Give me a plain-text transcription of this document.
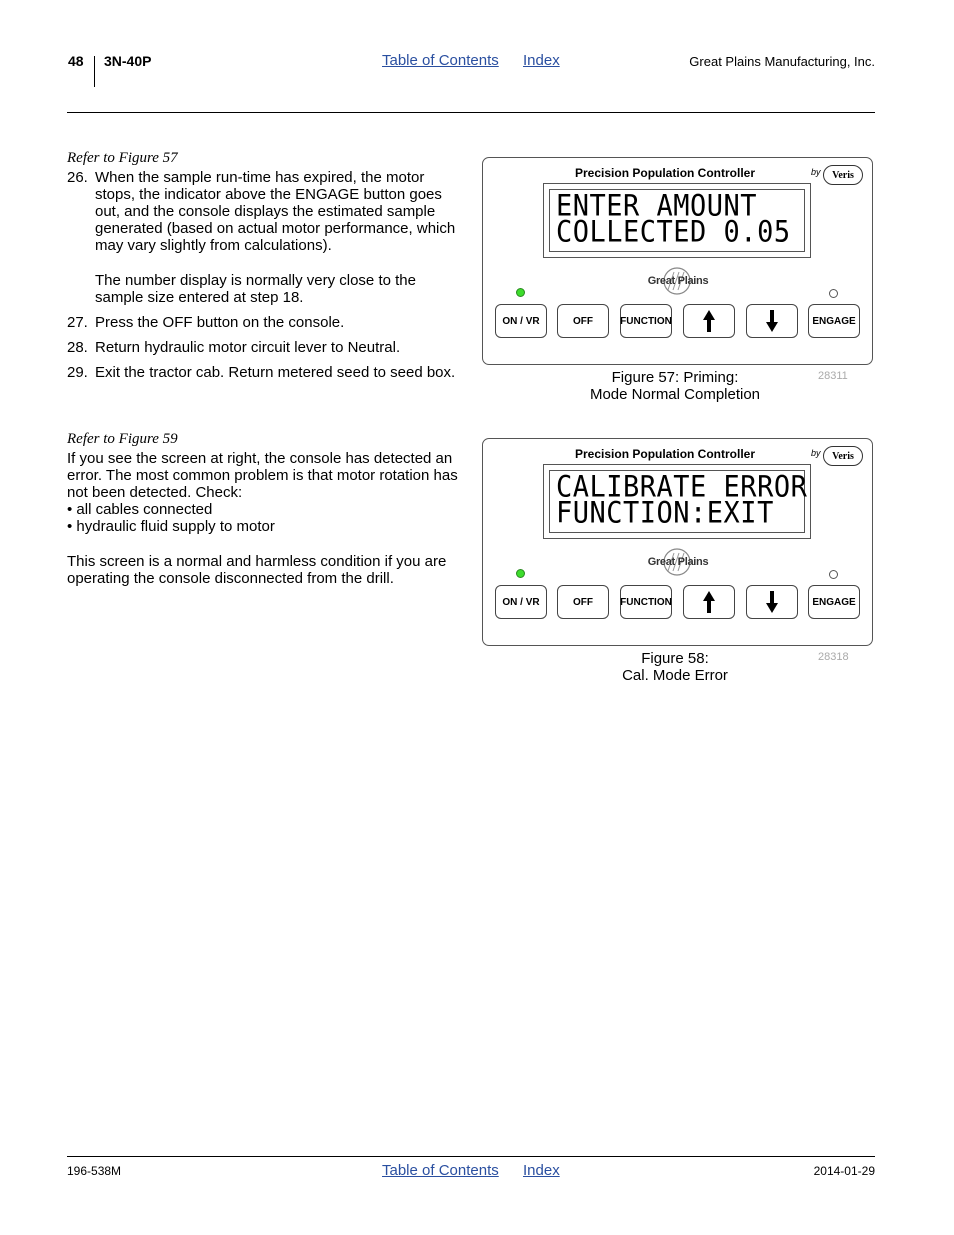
48 3N-40P	Table of Contents Index	Great Plains Manufacturing, Inc.
Refer to Figure 57
26. When the sample run-time has expired, the motor stops, the indicator above the ENGAGE button goes out, and the console displays the estimated sample generated (based on actual motor performance, which may vary slightly from calculations).
The number display is normally very close to the sample size entered at step 18.
27. Press the OFF button on the console.
28. Return hydraulic motor circuit lever to Neutral.
29. Exit the tractor cab. Return metered seed to seed box.
Refer to Figure 59
If you see the screen at right, the console has detected an error. The most common problem is that motor rotation has not been detected. Check:
• all cables connected
• hydraulic fluid supply to motor
This screen is a normal and harmless condition if you are operating the console disconnected from the drill.
Precision Population Controller	by	Veris
ENTER AMOUNT
COLLECTED 0.05
Great Plains
ON / VR	OFF	FUNCTION	ENGAGE
Figure 57: Priming:
Mode Normal Completion
28311
Precision Population Controller	by	Veris
CALIBRATE ERROR
FUNCTION:EXIT
Great Plains
ON / VR	OFF	FUNCTION	ENGAGE
Figure 58:
Cal. Mode Error
28318
196-538M	Table of Contents Index	2014-01-29
